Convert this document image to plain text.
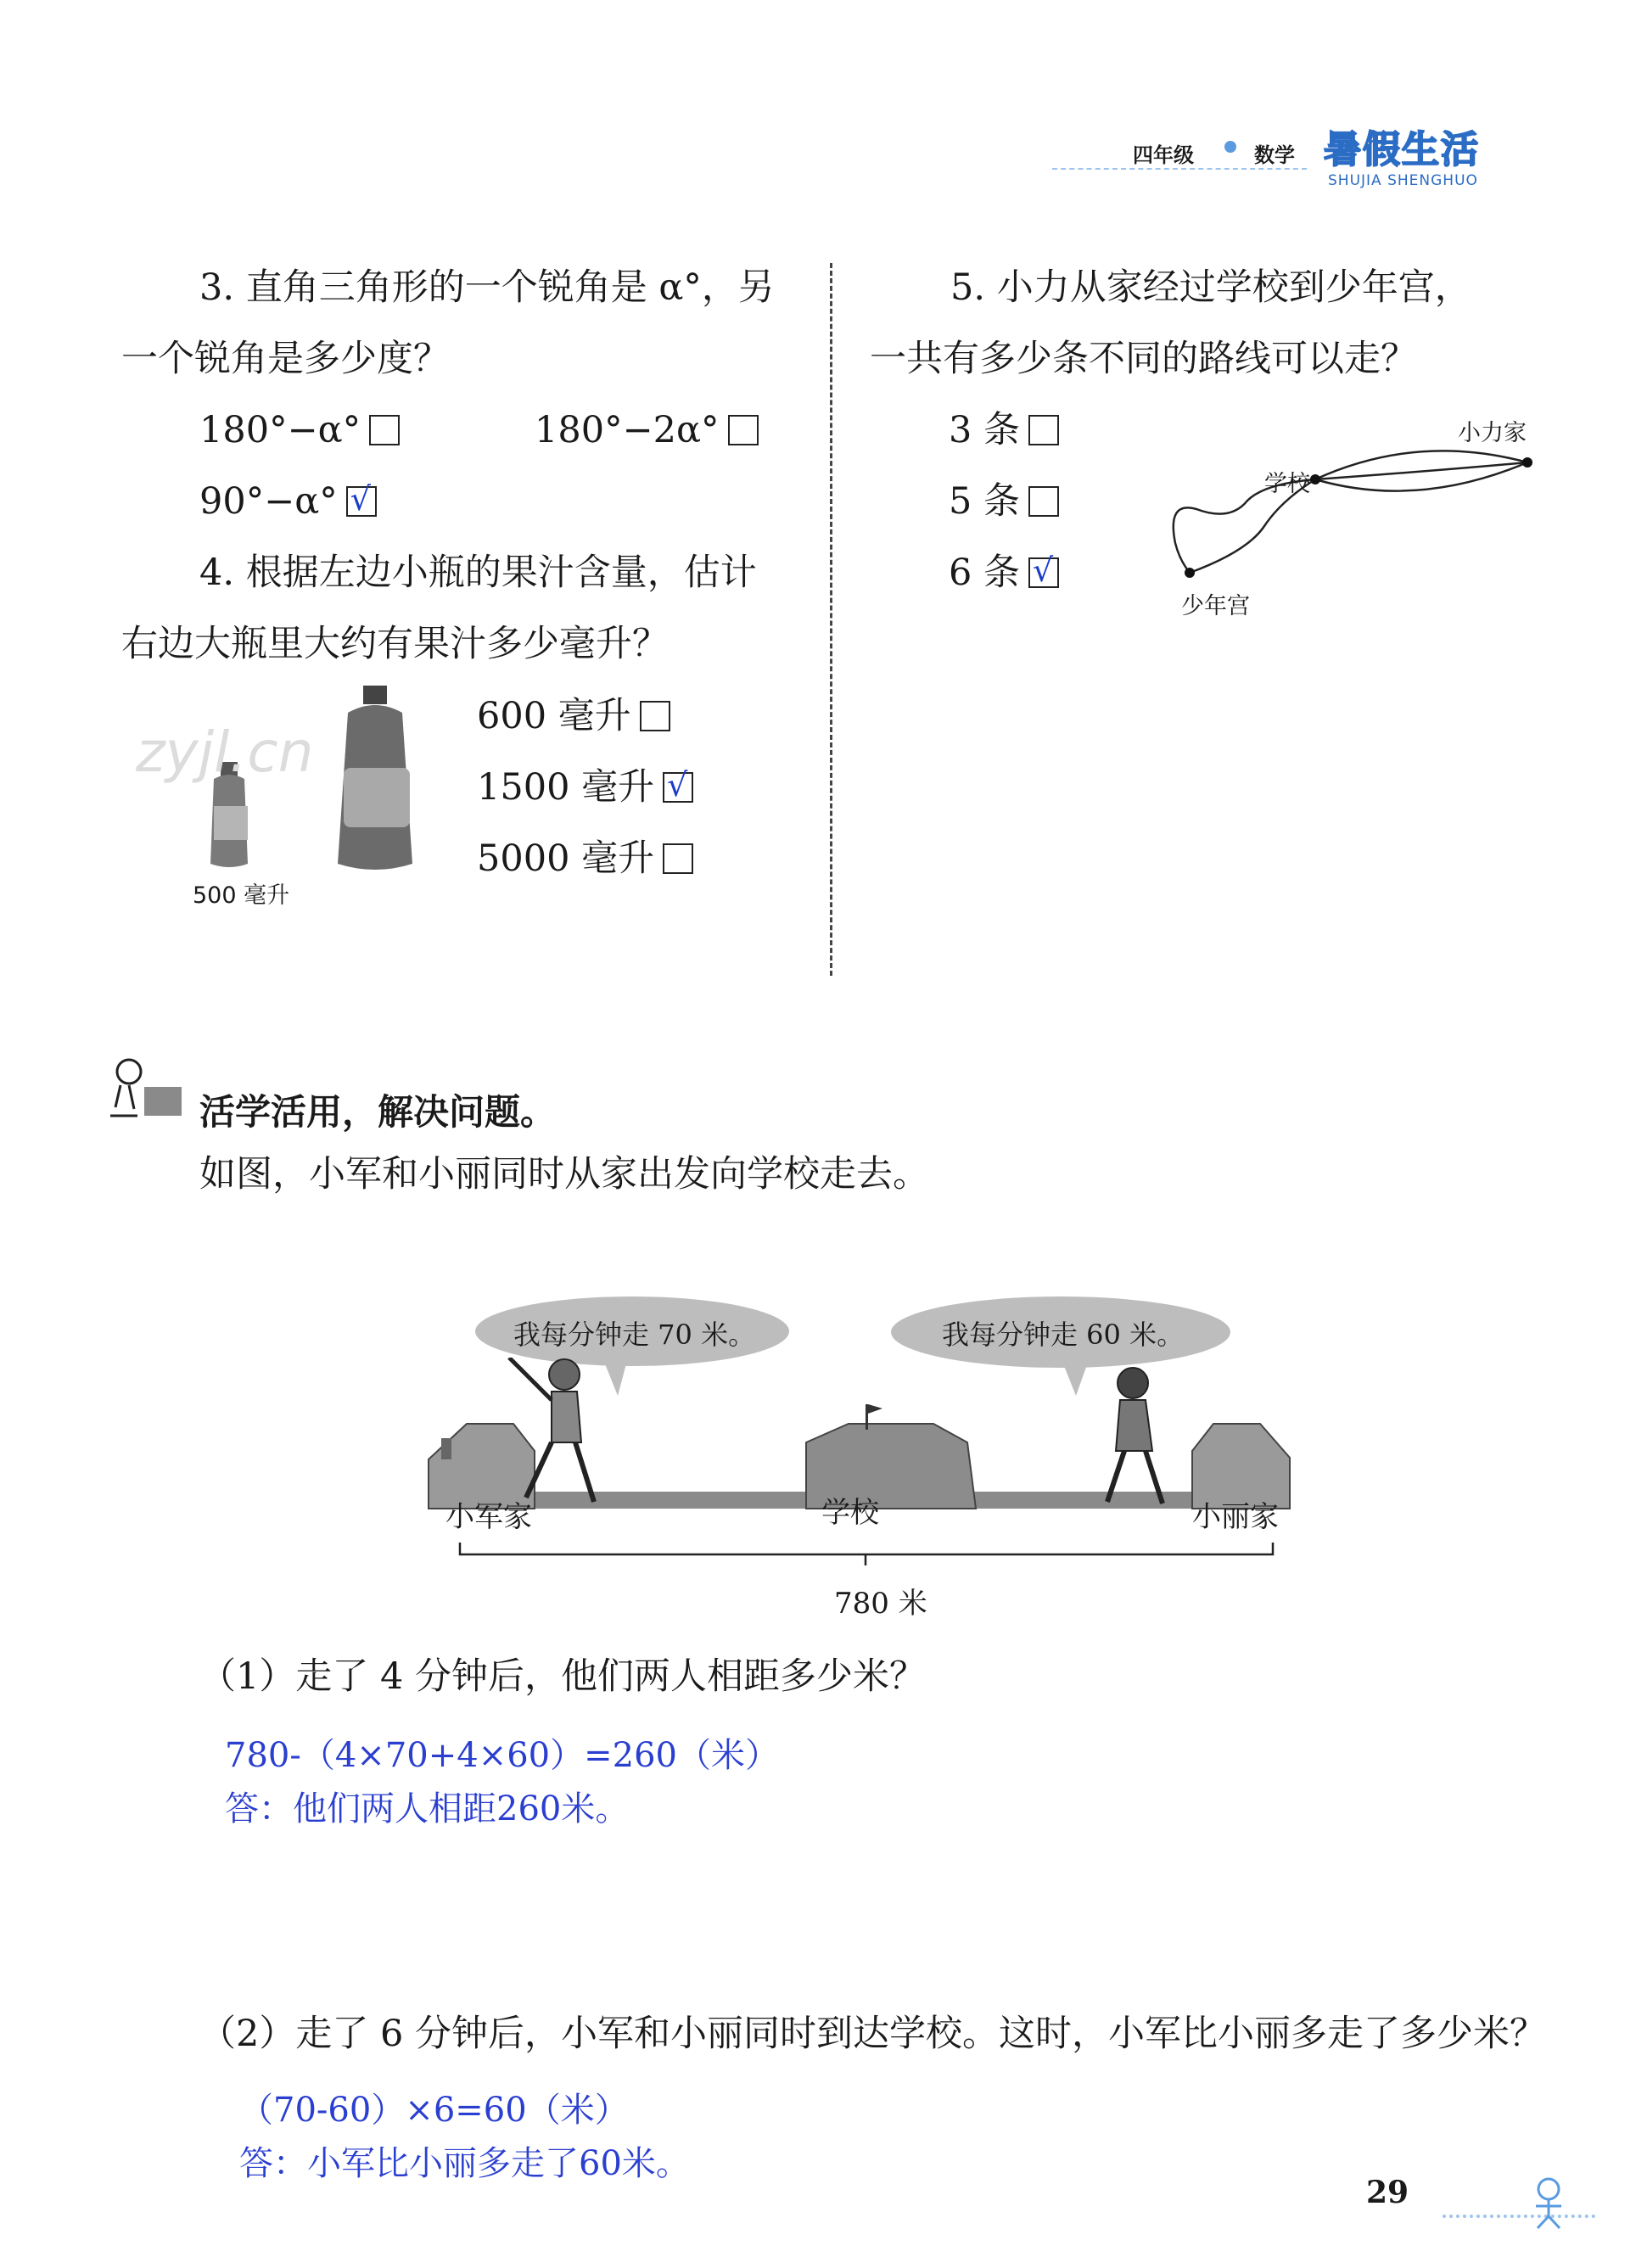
四年级	数学 暑假生活
SHUJIA SHENGHUO
3. 直角三角形的一个锐角是 α°，另
一个锐角是多少度？
180°−α°	180°−2α°
90°−α° √
4. 根据左边小瓶的果汁含量，估计
右边大瓶里大约有果汁多少毫升？
zyjl.cn
500 毫升
600 毫升
1500 毫升 √
5000 毫升
5. 小力从家经过学校到少年宫，
一共有多少条不同的路线可以走？
3 条
5 条
6 条 √
小力家
学校
少年宫
活学活用，解决问题。
如图，小军和小丽同时从家出发向学校走去。
我每分钟走 70 米。	我每分钟走 60 米。
小军家	学校	小丽家
780 米
（1）走了 4 分钟后，他们两人相距多少米？
780-（4×70+4×60）=260（米）
答：他们两人相距260米。
（2）走了 6 分钟后，小军和小丽同时到达学校。这时，小军比小丽多走了多少米？
（70-60）×6=60（米）
答：小军比小丽多走了60米。
29
